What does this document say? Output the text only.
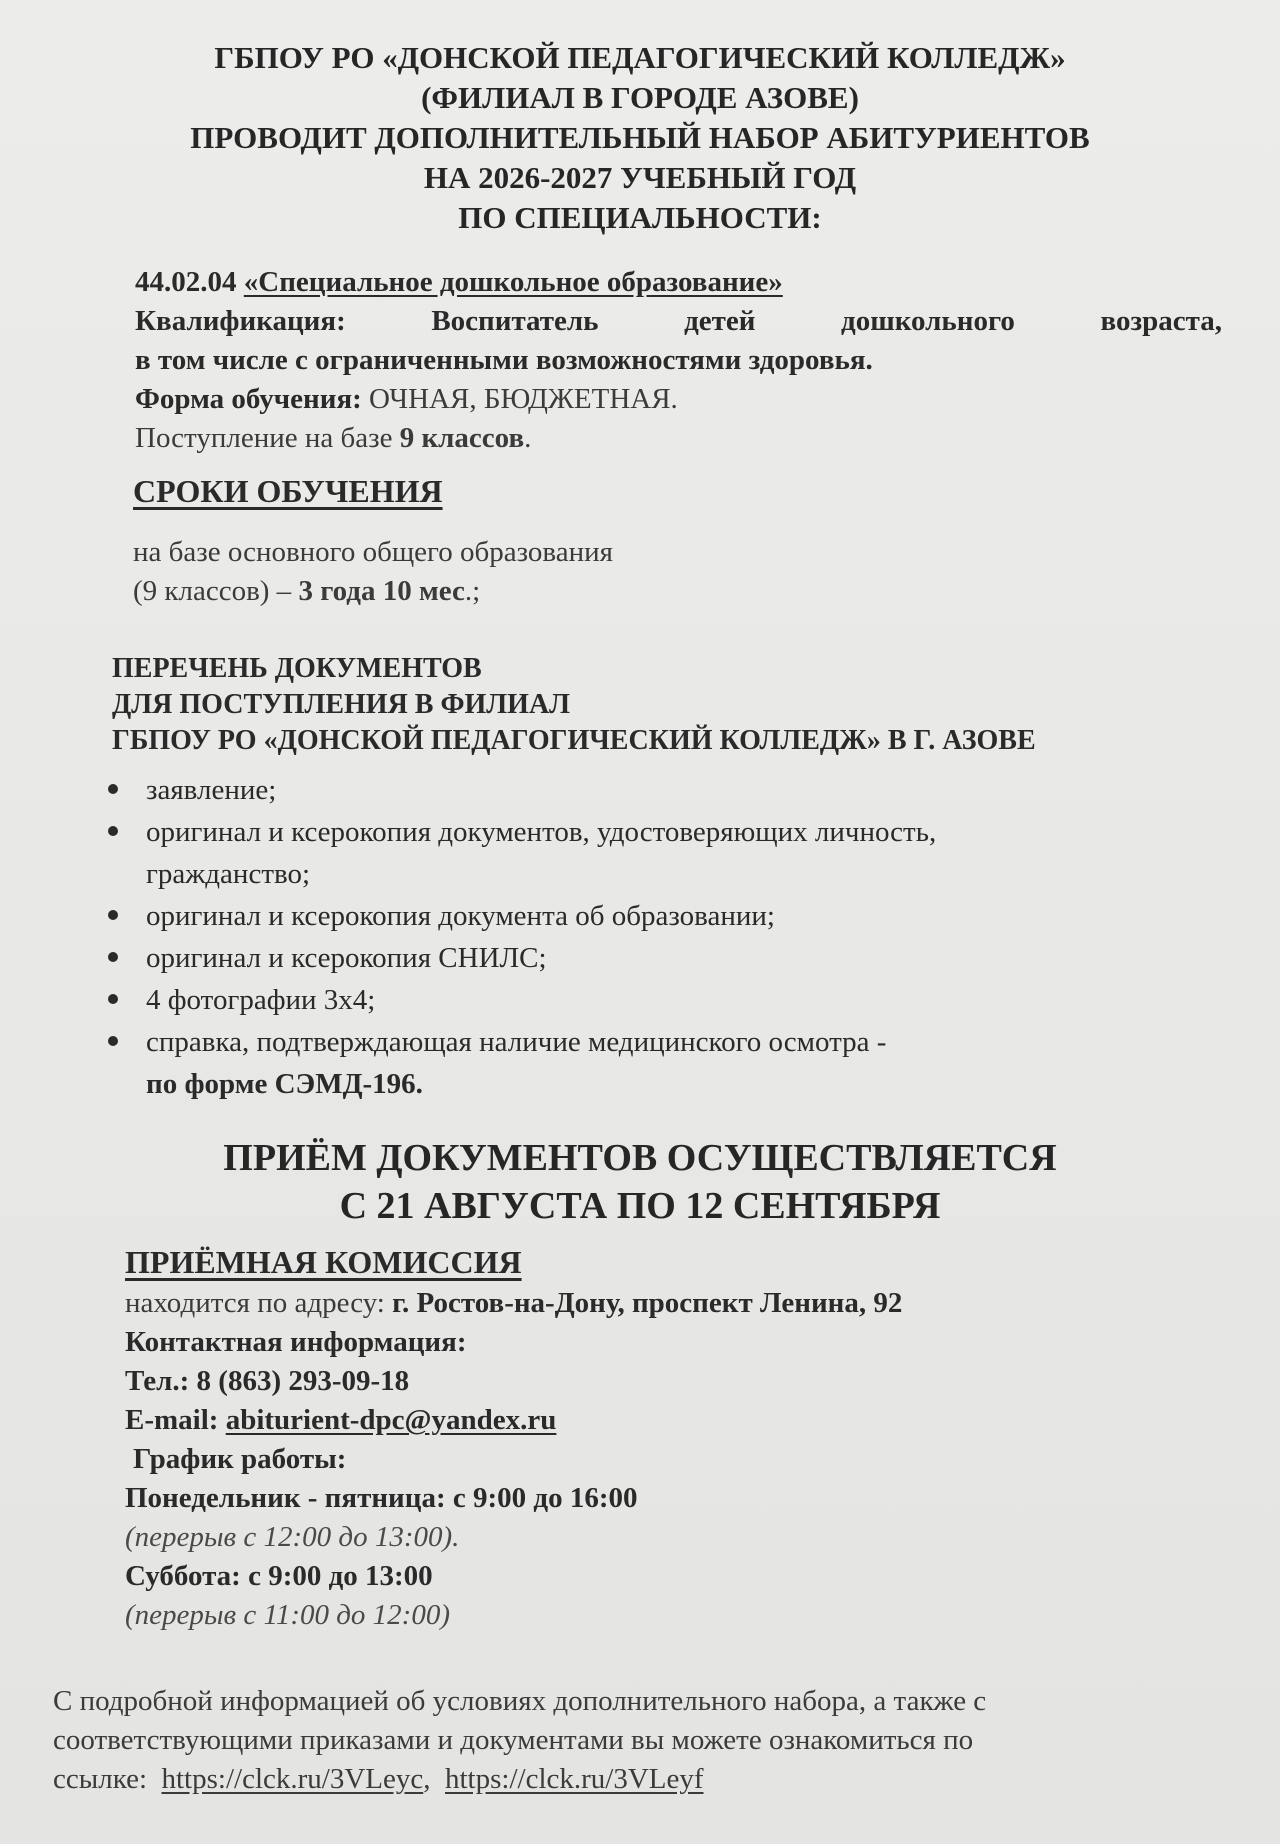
ГБПОУ РО «ДОНСКОЙ ПЕДАГОГИЧЕСКИЙ КОЛЛЕДЖ»
(ФИЛИАЛ В ГОРОДЕ АЗОВЕ)
ПРОВОДИТ ДОПОЛНИТЕЛЬНЫЙ НАБОР АБИТУРИЕНТОВ
НА 2026-2027 УЧЕБНЫЙ ГОД
ПО СПЕЦИАЛЬНОСТИ:
44.02.04 «Специальное дошкольное образование»
Квалификация:	Воспитатель	детей	дошкольного	возраста,
в том числе с ограниченными возможностями здоровья.
Форма обучения: ОЧНАЯ, БЮДЖЕТНАЯ.
Поступление на базе 9 классов.
СРОКИ ОБУЧЕНИЯ
на базе основного общего образования
(9 классов) – 3 года 10 мес.;
ПЕРЕЧЕНЬ ДОКУМЕНТОВ
ДЛЯ ПОСТУПЛЕНИЯ В ФИЛИАЛ
ГБПОУ РО «ДОНСКОЙ ПЕДАГОГИЧЕСКИЙ КОЛЛЕДЖ» В Г. АЗОВЕ
заявление;
оригинал и ксерокопия документов, удостоверяющих личность,
гражданство;
оригинал и ксерокопия документа об образовании;
оригинал и ксерокопия СНИЛС;
4 фотографии 3х4;
справка, подтверждающая наличие медицинского осмотра -
по форме СЭМД-196.
ПРИЁМ ДОКУМЕНТОВ ОСУЩЕСТВЛЯЕТСЯ
С 21 АВГУСТА ПО 12 СЕНТЯБРЯ
ПРИЁМНАЯ КОМИССИЯ
находится по адресу: г. Ростов-на-Дону, проспект Ленина, 92
Контактная информация:
Тел.: 8 (863) 293-09-18
E-mail: abiturient-dpc@yandex.ru
График работы:
Понедельник - пятница: с 9:00 до 16:00
(перерыв с 12:00 до 13:00).
Суббота: с 9:00 до 13:00
(перерыв с 11:00 до 12:00)
С подробной информацией об условиях дополнительного набора, а также с
соответствующими приказами и документами вы можете ознакомиться по
ссылке: https://clck.ru/3VLeyc, https://clck.ru/3VLeyf
